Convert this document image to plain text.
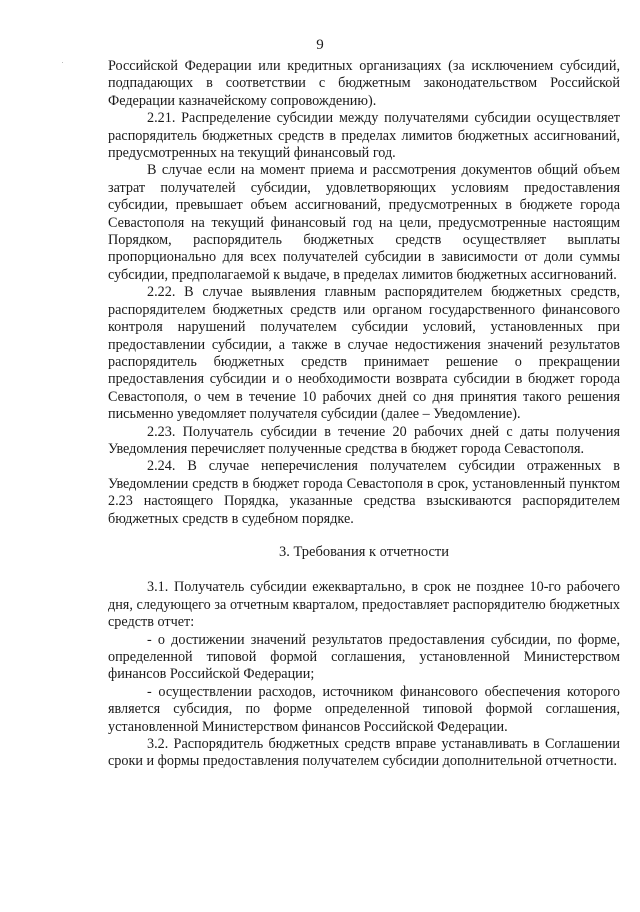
9

Российской Федерации или кредитных организациях (за исключением субсидий, подпадающих в соответствии с бюджетным законодательством Российской Федерации казначейскому сопровождению).

2.21. Распределение субсидии между получателями субсидии осуществляет распорядитель бюджетных средств в пределах лимитов бюджетных ассигнований, предусмотренных на текущий финансовый год.

В случае если на момент приема и рассмотрения документов общий объем затрат получателей субсидии, удовлетворяющих условиям предоставления субсидии, превышает объем ассигнований, предусмотренных в бюджете города Севастополя на текущий финансовый год на цели, предусмотренные настоящим Порядком, распорядитель бюджетных средств осуществляет выплаты пропорционально для всех получателей субсидии в зависимости от доли суммы субсидии, предполагаемой к выдаче, в пределах лимитов бюджетных ассигнований.

2.22. В случае выявления главным распорядителем бюджетных средств, распорядителем бюджетных средств или органом государственного финансового контроля нарушений получателем субсидии условий, установленных при предоставлении субсидии, а также в случае недостижения значений результатов распорядитель бюджетных средств принимает решение о прекращении предоставления субсидии и о необходимости возврата субсидии в бюджет города Севастополя, о чем в течение 10 рабочих дней со дня принятия такого решения письменно уведомляет получателя субсидии (далее – Уведомление).

2.23. Получатель субсидии в течение 20 рабочих дней с даты получения Уведомления перечисляет полученные средства в бюджет города Севастополя.

2.24. В случае неперечисления получателем субсидии отраженных в Уведомлении средств в бюджет города Севастополя в срок, установленный пунктом 2.23 настоящего Порядка, указанные средства взыскиваются распорядителем бюджетных средств в судебном порядке.

3. Требования к отчетности

3.1. Получатель субсидии ежеквартально, в срок не позднее 10-го рабочего дня, следующего за отчетным кварталом, предоставляет распорядителю бюджетных средств отчет:

- о достижении значений результатов предоставления субсидии, по форме, определенной типовой формой соглашения, установленной Министерством финансов Российской Федерации;

- осуществлении расходов, источником финансового обеспечения которого является субсидия, по форме определенной типовой формой соглашения, установленной Министерством финансов Российской Федерации.

3.2. Распорядитель бюджетных средств вправе устанавливать в Соглашении сроки и формы предоставления получателем субсидии дополнительной отчетности.
